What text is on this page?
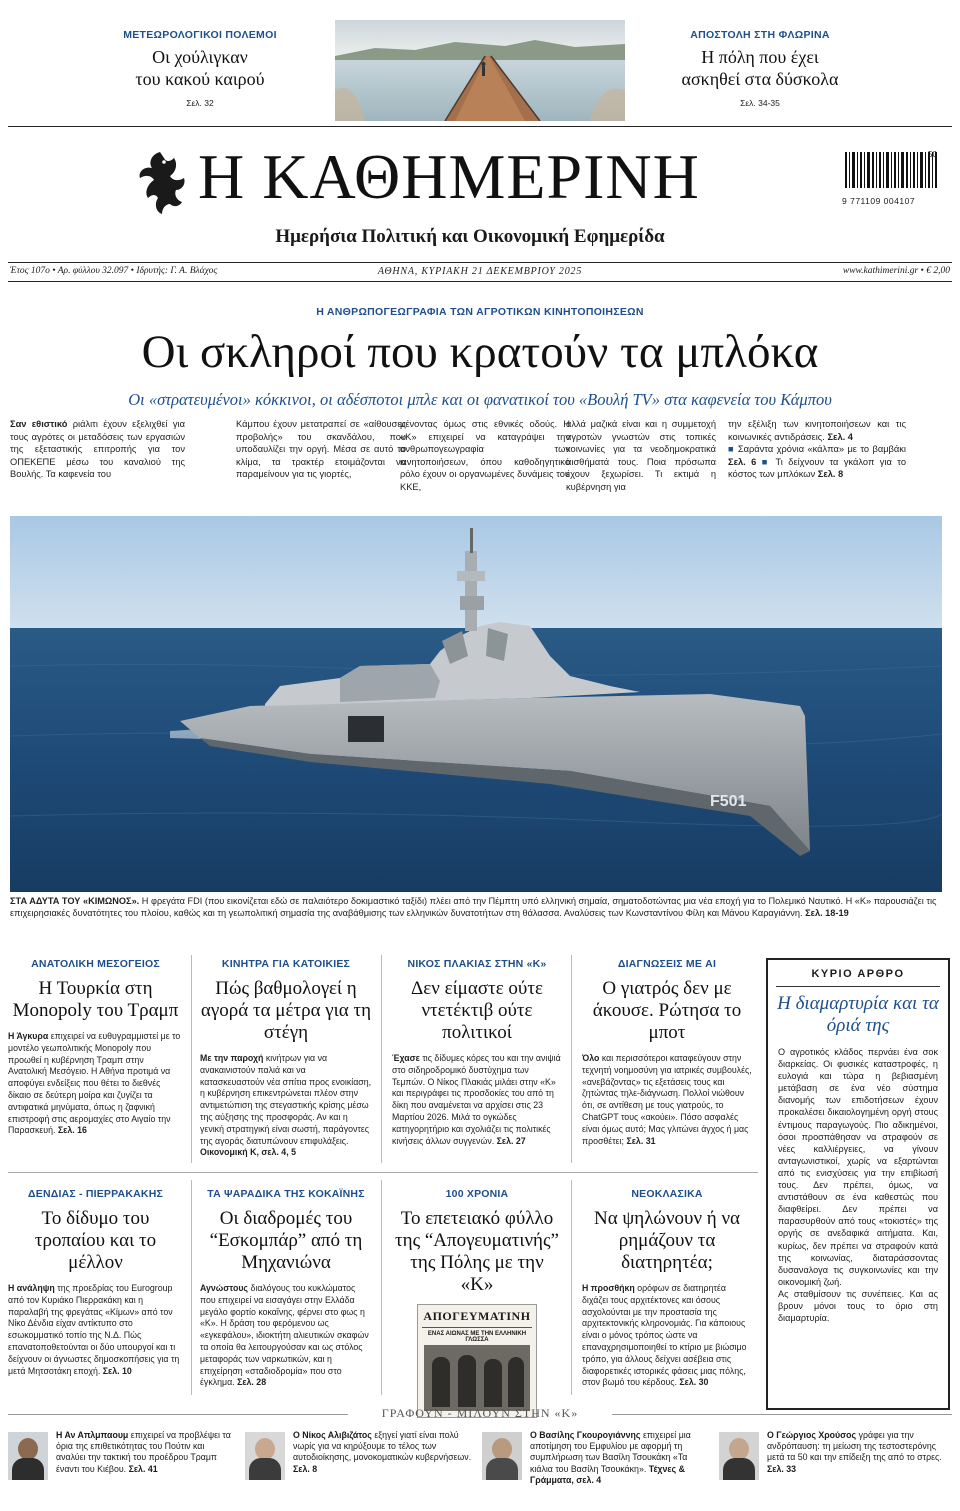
ΜΕΤΕΩΡΟΛΟΓΙΚΟΙ ΠΟΛΕΜΟΙ
Οι χούλιγκαν
του κακού καιρού
Σελ. 32
ΑΠΟΣΤΟΛΗ ΣΤΗ ΦΛΩΡΙΝΑ
Η πόλη που έχει
ασκηθεί στα δύσκολα
Σελ. 34-35
Η ΚΑΘΗΜΕΡΙΝΗ
Ημερήσια Πολιτική και Οικονομική Εφημερίδα
50
9 771109 004107
Έτος 107ο • Αρ. φύλλου 32.097 • Ιδρυτής: Γ. Α. Βλάχος	ΑΘΗΝΑ, ΚΥΡΙΑΚΗ 21 ΔΕΚΕΜΒΡΙΟΥ 2025	www.kathimerini.gr • € 2,00
Η ΑΝΘΡΩΠΟΓΕΩΓΡΑΦΙΑ ΤΩΝ ΑΓΡΟΤΙΚΩΝ ΚΙΝΗΤΟΠΟΙΗΣΕΩΝ
Οι σκληροί που κρατούν τα μπλόκα
Οι «στρατευμένοι» κόκκινοι, οι αδέσποτοι μπλε και οι φανατικοί του «Βουλή TV» στα καφενεία του Κάμπου
Σαν εθιστικό ριάλιτι έχουν εξελιχθεί για τους αγρότες οι μεταδόσεις των εργασιών της εξεταστικής επιτροπής για τον ΟΠΕΚΕΠΕ μέσω του καναλιού της Βουλής. Τα καφενεία του
Κάμπου έχουν μετατραπεί σε «αίθουσες προβολής» του σκανδάλου, που υποδαυλίζει την οργή. Μέσα σε αυτό το κλίμα, τα τρακτέρ ετοιμάζονται να παραμείνουν για τις γιορτές,
μένοντας όμως στις εθνικές οδούς. Η «Κ» επιχειρεί να καταγράψει την ανθρωπογεωγραφία των κινητοποιήσεων, όπου καθοδηγητικό ρόλο έχουν οι οργανωμένες δυνάμεις του ΚΚΕ,
αλλά μαζικά είναι και η συμμετοχή αγροτών γνωστών στις τοπικές κοινωνίες για τα νεοδημοκρατικά αισθήματά τους. Ποια πρόσωπα έχουν ξεχωρίσει. Τι εκτιμά η κυβέρνηση για
την εξέλιξη των κινητοποιήσεων και τις κοινωνικές αντιδράσεις. Σελ. 4
■ Σαράντα χρόνια «κάλπα» με το βαμβάκι Σελ. 6 ■ Τι δείχνουν τα γκάλοπ για το κόστος των μπλόκων Σελ. 8
F501
ΣΤΑ ΑΔΥΤΑ ΤΟΥ «ΚΙΜΩΝΟΣ». Η φρεγάτα FDI (που εικονίζεται εδώ σε παλαιότερο δοκιμαστικό ταξίδι) πλέει από την Πέμπτη υπό ελληνική σημαία, σηματοδοτώντας μια νέα εποχή για το Πολεμικό Ναυτικό. Η «Κ» παρουσιάζει τις επιχειρησιακές δυνατότητες του πλοίου, καθώς και τη γεωπολιτική σημασία της αναβάθμισης των ελληνικών δυνατοτήτων στη θάλασσα. Αναλύσεις των Κωνσταντίνου Φίλη και Μάνου Καραγιάννη. Σελ. 18-19
ΑΝΑΤΟΛΙΚΗ ΜΕΣΟΓΕΙΟΣ
Η Τουρκία στη Monopoly του Τραμπ
Η Άγκυρα επιχειρεί να ευθυγραμμιστεί με το μοντέλο γεωπολιτικής Monopoly που προωθεί η κυβέρνηση Τραμπ στην Ανατολική Μεσόγειο. Η Αθήνα προτιμά να αποφύγει ενδείξεις που θέτει το διεθνές δίκαιο σε δεύτερη μοίρα και ζυγίζει τα αντιφατικά μηνύματα, όπως η ζαφνική επιστροφή στις αερομαχίες στο Αιγαίο την Παρασκευή. Σελ. 16
ΚΙΝΗΤΡΑ ΓΙΑ ΚΑΤΟΙΚΙΕΣ
Πώς βαθμολογεί η αγορά τα μέτρα για τη στέγη
Με την παροχή κινήτρων για να ανακαινιστούν παλιά και να κατασκευαστούν νέα σπίτια προς ενοικίαση, η κυβέρνηση επικεντρώνεται πλέον στην αντιμετώπιση της στεγαστικής κρίσης μέσω της αύξησης της προσφοράς. Αν και η γενική στρατηγική είναι σωστή, παράγοντες της αγοράς διατυπώνουν επιφυλάξεις. Οικονομική Κ, σελ. 4, 5
ΝΙΚΟΣ ΠΛΑΚΙΑΣ ΣΤΗΝ «Κ»
Δεν είμαστε ούτε ντετέκτιβ ούτε πολιτικοί
Έχασε τις δίδυμες κόρες του και την ανιψιά στο σιδηροδρομικό δυστύχημα των Τεμπών. Ο Νίκος Πλακιάς μιλάει στην «Κ» και περιγράφει τις προσδοκίες του από τη δίκη που αναμένεται να αρχίσει στις 23 Μαρτίου 2026. Μιλά το ογκώδες κατηγορητήριο και σχολιάζει τις πολιτικές κινήσεις άλλων συγγενών. Σελ. 27
ΔΙΑΓΝΩΣΕΙΣ ΜΕ AI
Ο γιατρός δεν με άκουσε. Ρώτησα το μποτ
Όλο και περισσότεροι καταφεύγουν στην τεχνητή νοημοσύνη για ιατρικές συμβουλές, «ανεβάζοντας» τις εξετάσεις τους και ζητώντας τηλε-διάγνωση. Πολλοί νιώθουν ότι, σε αντίθεση με τους γιατρούς, το ChatGPT τους «ακούει». Πόσο ασφαλές είναι όμως αυτό; Μας γλιτώνει άγχος ή μας προσθέτει; Σελ. 31
ΔΕΝΔΙΑΣ - ΠΙΕΡΡΑΚΑΚΗΣ
Το δίδυμο του τροπαίου και το μέλλον
Η ανάληψη της προεδρίας του Eurogroup από τον Κυριάκο Πιερρακάκη και η παραλαβή της φρεγάτας «Κίμων» από τον Νίκο Δένδια είχαν αντίκτυπο στο εσωκομματικό τοπίο της Ν.Δ. Πώς επανατοποθετούνται οι δύο υπουργοί και τι δείχνουν οι άγνωστες δημοσκοπήσεις για τη μετά Μητσοτάκη εποχή. Σελ. 10
ΤΑ ΨΑΡΑΔΙΚΑ ΤΗΣ ΚΟΚΑΪΝΗΣ
Οι διαδρομές του “Εσκομπάρ” από τη Μηχανιώνα
Αγνώστους διαλόγους του κυκλώματος που επιχειρεί να εισαγάγει στην Ελλάδα μεγάλο φορτίο κοκαΐνης, φέρνει στο φως η «Κ». Η δράση του φερόμενου ως «εγκεφάλου», ιδιοκτήτη αλιευτικών σκαφών τα οποία θα λειτουργούσαν και ως στόλος μεταφοράς των ναρκωτικών, και η επιχείρηση «σταδιοδρομία» που στο έγκλημα. Σελ. 28
100 ΧΡΟΝΙΑ
Το επετειακό φύλλο της “Απογευματινής” της Πόλης με την «Κ»
ΑΠΟΓΕΥΜΑΤΙΝΗ
ΕΝΑΣ ΑΙΩΝΑΣ ΜΕ ΤΗΝ ΕΛΛΗΝΙΚΗ ΓΛΩΣΣΑ
ΝΕΟΚΛΑΣΙΚΑ
Να ψηλώνουν ή να ρημάζουν τα διατηρητέα;
Η προσθήκη ορόφων σε διατηρητέα διχάζει τους αρχιτέκτονες και όσους ασχολούνται με την προστασία της αρχιτεκτονικής κληρονομιάς. Για κάποιους είναι ο μόνος τρόπος ώστε να επαναχρησιμοποιηθεί το κτίριο με βιώσιμο τρόπο, για άλλους δείχνει ασέβεια στις διαφορετικές ιστορικές φάσεις μιας πόλης, στον βωμό του κέρδους. Σελ. 30
ΚΥΡΙΟ ΑΡΘΡΟ
Η διαμαρτυρία και τα όριά της
Ο αγροτικός κλάδος περνάει ένα σοκ διαρκείας. Οι φυσικές καταστροφές, η ευλογιά και τώρα η βεβιασμένη μετάβαση σε ένα νέο σύστημα διανομής των επιδοτήσεων έχουν προκαλέσει δικαιολογημένη οργή στους έντιμους παραγωγούς. Πιο αδικημένοι, όσοι προσπάθησαν να στραφούν σε νέες καλλιέργειες, να γίνουν ανταγωνιστικοί, χωρίς να εξαρτώνται από τις ενισχύσεις για την επιβίωσή τους. Δεν πρέπει, όμως, να αντιστάθουν σε ένα καθεστώς που διαφθείρει. Δεν πρέπει να παρασυρθούν από τους «τοκιστές» της οργής σε ανεδαφικά αιτήματα. Και, κυρίως, δεν πρέπει να στραφούν κατά της κοινωνίας, διαταράσσοντας δυσαναλογα τις συγκοινωνίες και την οικονομική ζωή.
Ας σταθμίσουν τις συνέπειες. Και ας βρουν μόνοι τους το όριο στη διαμαρτυρία.
ΓΡΑΦΟΥΝ - ΜΙΛΟΥΝ ΣΤΗΝ «Κ»
Η Αν Απλμπαουμ επιχειρεί να προβλέψει τα όρια της επιθετικότητας του Πούτιν και αναλύει την τακτική του προέδρου Τραμπ έναντι του Κιέβου. Σελ. 41
Ο Νίκος Αλιβιζάτος εξηγεί γιατί είναι πολύ νωρίς για να κηρύξουμε το τέλος των αυτοδιοίκησης, μονοκοματικών κυβερνήσεων. Σελ. 8
Ο Βασίλης Γκουρογιάννης επιχειρεί μια αποτίμηση του Εμφυλίου με αφορμή τη συμπλήρωση των Βασίλη Τσουκάκη «Τα κιάλια του Βασίλη Τσουκάκη». Τέχνες & Γράμματα, σελ. 4
Ο Γεώργιος Χρούσος γράφει για την ανδρόπαυση: τη μείωση της τεστοστερόνης μετά τα 50 και την επίδειξη της από το στρες. Σελ. 33
